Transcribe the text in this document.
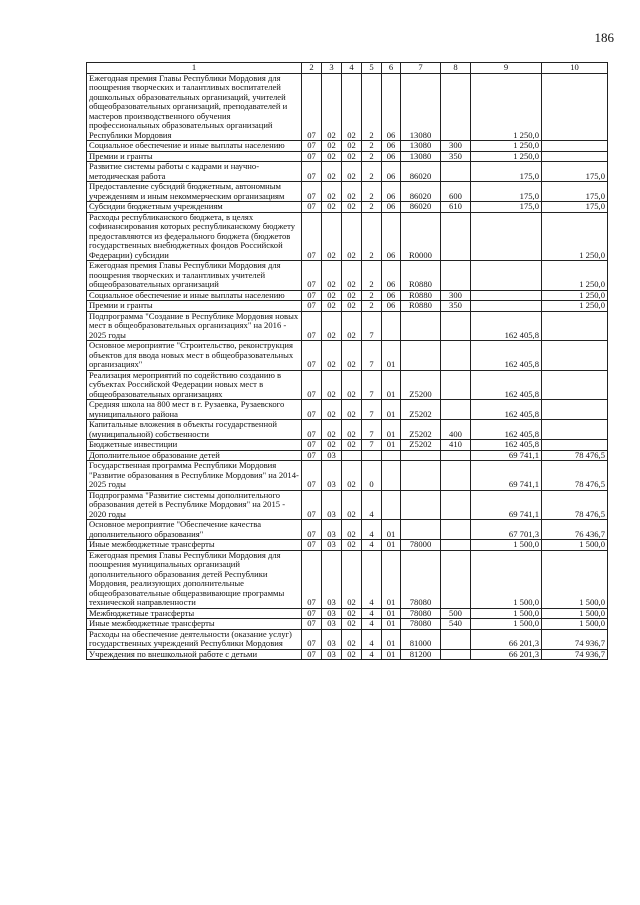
186
1	2	3	4	5	6	7	8	9	10
Ежегодная премия Главы Республики Мордовия для поощрения творческих и талантливых воспитателей дошкольных образовательных организаций, учителей общеобразовательных организаций, преподавателей и мастеров производственного обучения профессиональных образовательных организаций Республики Мордовия	07	02	02	2	06	13080		1 250,0	
Социальное обеспечение и иные выплаты населению	07	02	02	2	06	13080	300	1 250,0	
Премии и гранты	07	02	02	2	06	13080	350	1 250,0	
Развитие системы работы с кадрами и научно-методическая работа	07	02	02	2	06	86020		175,0	175,0
Предоставление субсидий бюджетным, автономным учреждениям и иным некоммерческим организациям	07	02	02	2	06	86020	600	175,0	175,0
Субсидии бюджетным учреждениям	07	02	02	2	06	86020	610	175,0	175,0
Расходы республиканского бюджета, в целях софинансирования которых республиканскому бюджету предоставляются из федерального бюджета (бюджетов государственных внебюджетных фондов Российской Федерации) субсидии	07	02	02	2	06	R0000			1 250,0
Ежегодная премия Главы Республики Мордовия для поощрения творческих и талантливых учителей общеобразовательных организаций	07	02	02	2	06	R0880			1 250,0
Социальное обеспечение и иные выплаты населению	07	02	02	2	06	R0880	300		1 250,0
Премии и гранты	07	02	02	2	06	R0880	350		1 250,0
Подпрограмма "Создание в Республике Мордовия новых мест в общеобразовательных организациях" на 2016 - 2025 годы	07	02	02	7				162 405,8	
Основное мероприятие "Строительство, реконструкция объектов для ввода новых мест в общеобразовательных организациях"	07	02	02	7	01			162 405,8	
Реализация мероприятий по содействию созданию в субъектах Российской Федерации новых мест в общеобразовательных организациях	07	02	02	7	01	Z5200		162 405,8	
Средняя школа на 800 мест в г. Рузаевка, Рузаевского муниципального района	07	02	02	7	01	Z5202		162 405,8	
Капитальные вложения в объекты государственной (муниципальной) собственности	07	02	02	7	01	Z5202	400	162 405,8	
Бюджетные инвестиции	07	02	02	7	01	Z5202	410	162 405,8	
Дополнительное образование детей	07	03						69 741,1	78 476,5
Государственная программа Республики Мордовия "Развитие образования в Республике Мордовия" на 2014-2025 годы	07	03	02	0				69 741,1	78 476,5
Подпрограмма "Развитие системы дополнительного образования детей в Республике Мордовия" на 2015 - 2020 годы	07	03	02	4				69 741,1	78 476,5
Основное мероприятие "Обеспечение качества дополнительного образования"	07	03	02	4	01			67 701,3	76 436,7
Иные межбюджетные трансферты	07	03	02	4	01	78000		1 500,0	1 500,0
Ежегодная премия Главы Республики Мордовия для поощрения муниципальных организаций дополнительного образования детей Республики Мордовия, реализующих дополнительные общеобразовательные общеразвивающие программы технической направленности	07	03	02	4	01	78080		1 500,0	1 500,0
Межбюджетные трансферты	07	03	02	4	01	78080	500	1 500,0	1 500,0
Иные межбюджетные трансферты	07	03	02	4	01	78080	540	1 500,0	1 500,0
Расходы на обеспечение деятельности (оказание услуг) государственных учреждений Республики Мордовия	07	03	02	4	01	81000		66 201,3	74 936,7
Учреждения по внешкольной работе с детьми	07	03	02	4	01	81200		66 201,3	74 936,7
